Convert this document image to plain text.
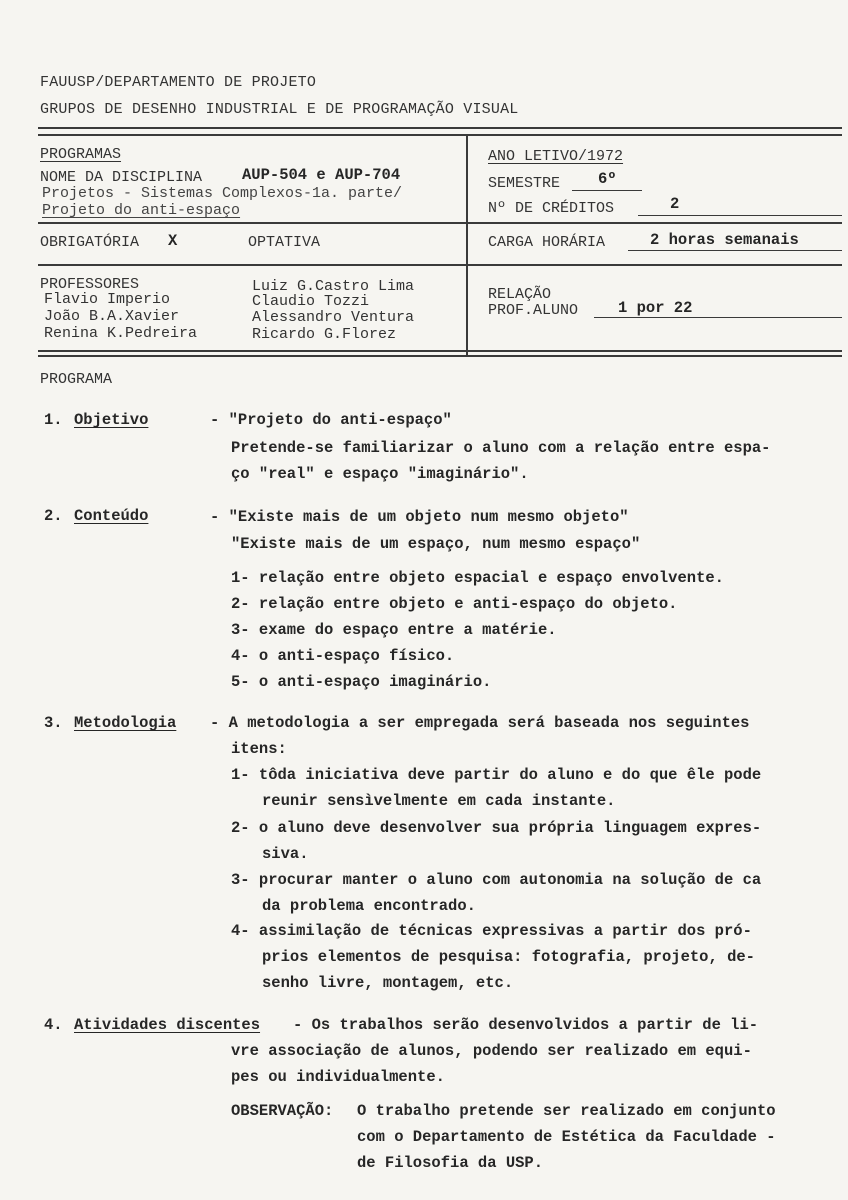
FAUUSP/DEPARTAMENTO DE PROJETO
GRUPOS DE DESENHO INDUSTRIAL E DE PROGRAMAÇÃO VISUAL
PROGRAMAS
NOME DA DISCIPLINA	AUP-504 e AUP-704
Projetos - Sistemas Complexos-1a. parte/
Projeto do anti-espaço
OBRIGATÓRIA X	OPTATIVA
PROFESSORES
Flavio Imperio
João B.A.Xavier
Renina K.Pedreira
Luiz G.Castro Lima
Claudio Tozzi
Alessandro Ventura
Ricardo G.Florez
ANO LETIVO/1972
SEMESTRE 6º
Nº DE CRÉDITOS	2
CARGA HORÁRIA	2 horas semanais
RELAÇÃO
PROF.ALUNO	1 por 22
PROGRAMA
1. Objetivo	- "Projeto do anti-espaço"
Pretende-se familiarizar o aluno com a relação entre espa-
ço "real" e espaço "imaginário".
2. Conteúdo	- "Existe mais de um objeto num mesmo objeto"
"Existe mais de um espaço, num mesmo espaço"
1- relação entre objeto espacial e espaço envolvente.
2- relação entre objeto e anti-espaço do objeto.
3- exame do espaço entre a matérie.
4- o anti-espaço físico.
5- o anti-espaço imaginário.
3. Metodologia - A metodologia a ser empregada será baseada nos seguintes
itens:
1- tôda iniciativa deve partir do aluno e do que êle pode
reunir sensìvelmente em cada instante.
2- o aluno deve desenvolver sua própria linguagem expres-
siva.
3- procurar manter o aluno com autonomia na solução de ca
da problema encontrado.
4- assimilação de técnicas expressivas a partir dos pró-
prios elementos de pesquisa: fotografia, projeto, de-
senho livre, montagem, etc.
4. Atividades discentes - Os trabalhos serão desenvolvidos a partir de li-
vre associação de alunos, podendo ser realizado em equi-
pes ou individualmente.
OBSERVAÇÃO: O trabalho pretende ser realizado em conjunto
com o Departamento de Estética da Faculdade -
de Filosofia da USP.
